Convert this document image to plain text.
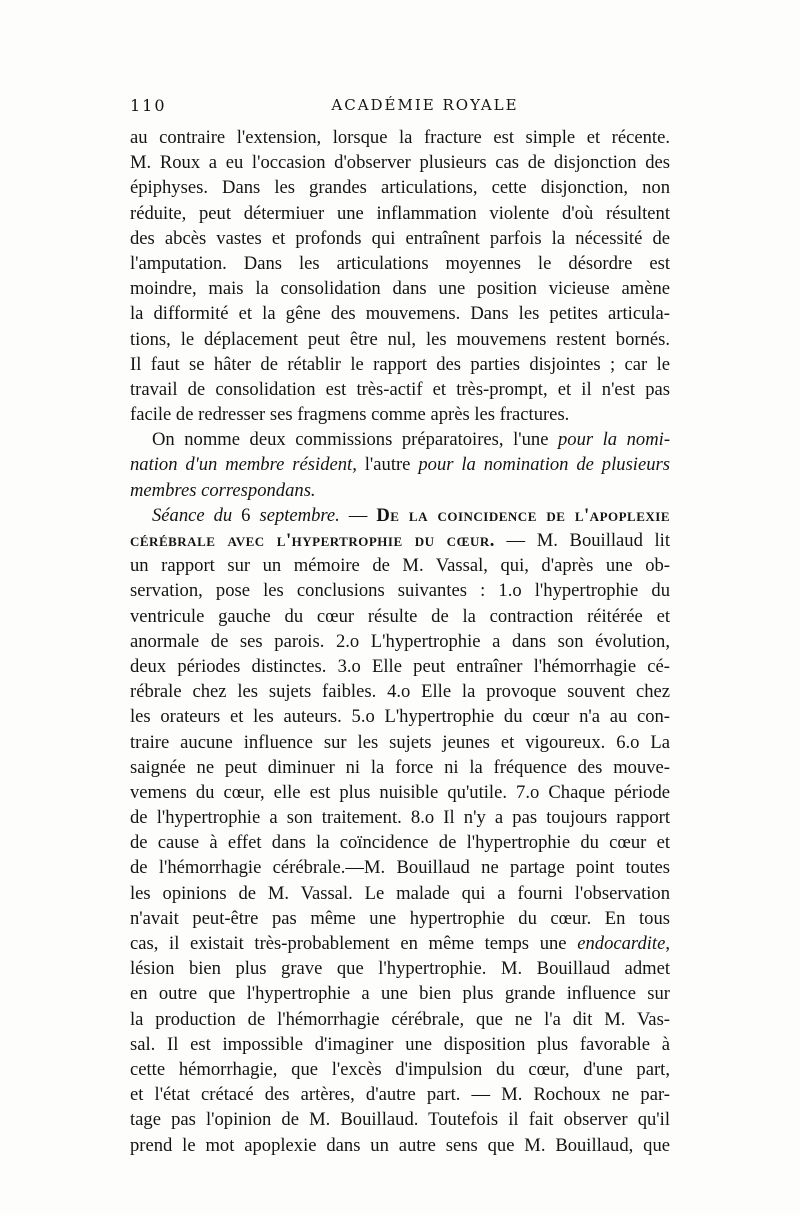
110	ACADÉMIE ROYALE
au contraire l'extension, lorsque la fracture est simple et récente.
M. Roux a eu l'occasion d'observer plusieurs cas de disjonction des
épiphyses. Dans les grandes articulations, cette disjonction, non
réduite, peut détermiuer une inflammation violente d'où résultent
des abcès vastes et profonds qui entraînent parfois la nécessité de
l'amputation. Dans les articulations moyennes le désordre est
moindre, mais la consolidation dans une position vicieuse amène
la difformité et la gêne des mouvemens. Dans les petites articula-
tions, le déplacement peut être nul, les mouvemens restent bornés.
Il faut se hâter de rétablir le rapport des parties disjointes ; car le
travail de consolidation est très-actif et très-prompt, et il n'est pas
facile de redresser ses fragmens comme après les fractures.
On nomme deux commissions préparatoires, l'une pour la nomi-
nation d'un membre résident, l'autre pour la nomination de plusieurs
membres correspondans.
Séance du 6 septembre. — De la coincidence de l'apoplexie
cérébrale avec l'hypertrophie du cœur. — M. Bouillaud lit
un rapport sur un mémoire de M. Vassal, qui, d'après une ob-
servation, pose les conclusions suivantes : 1.o l'hypertrophie du
ventricule gauche du cœur résulte de la contraction réitérée et
anormale de ses parois. 2.o L'hypertrophie a dans son évolution,
deux périodes distinctes. 3.o Elle peut entraîner l'hémorrhagie cé-
rébrale chez les sujets faibles. 4.o Elle la provoque souvent chez
les orateurs et les auteurs. 5.o L'hypertrophie du cœur n'a au con-
traire aucune influence sur les sujets jeunes et vigoureux. 6.o La
saignée ne peut diminuer ni la force ni la fréquence des mouve-
vemens du cœur, elle est plus nuisible qu'utile. 7.o Chaque période
de l'hypertrophie a son traitement. 8.o Il n'y a pas toujours rapport
de cause à effet dans la coïncidence de l'hypertrophie du cœur et
de l'hémorrhagie cérébrale.—M. Bouillaud ne partage point toutes
les opinions de M. Vassal. Le malade qui a fourni l'observation
n'avait peut-être pas même une hypertrophie du cœur. En tous
cas, il existait très-probablement en même temps une endocardite,
lésion bien plus grave que l'hypertrophie. M. Bouillaud admet
en outre que l'hypertrophie a une bien plus grande influence sur
la production de l'hémorrhagie cérébrale, que ne l'a dit M. Vas-
sal. Il est impossible d'imaginer une disposition plus favorable à
cette hémorrhagie, que l'excès d'impulsion du cœur, d'une part,
et l'état crétacé des artères, d'autre part. — M. Rochoux ne par-
tage pas l'opinion de M. Bouillaud. Toutefois il fait observer qu'il
prend le mot apoplexie dans un autre sens que M. Bouillaud, que
